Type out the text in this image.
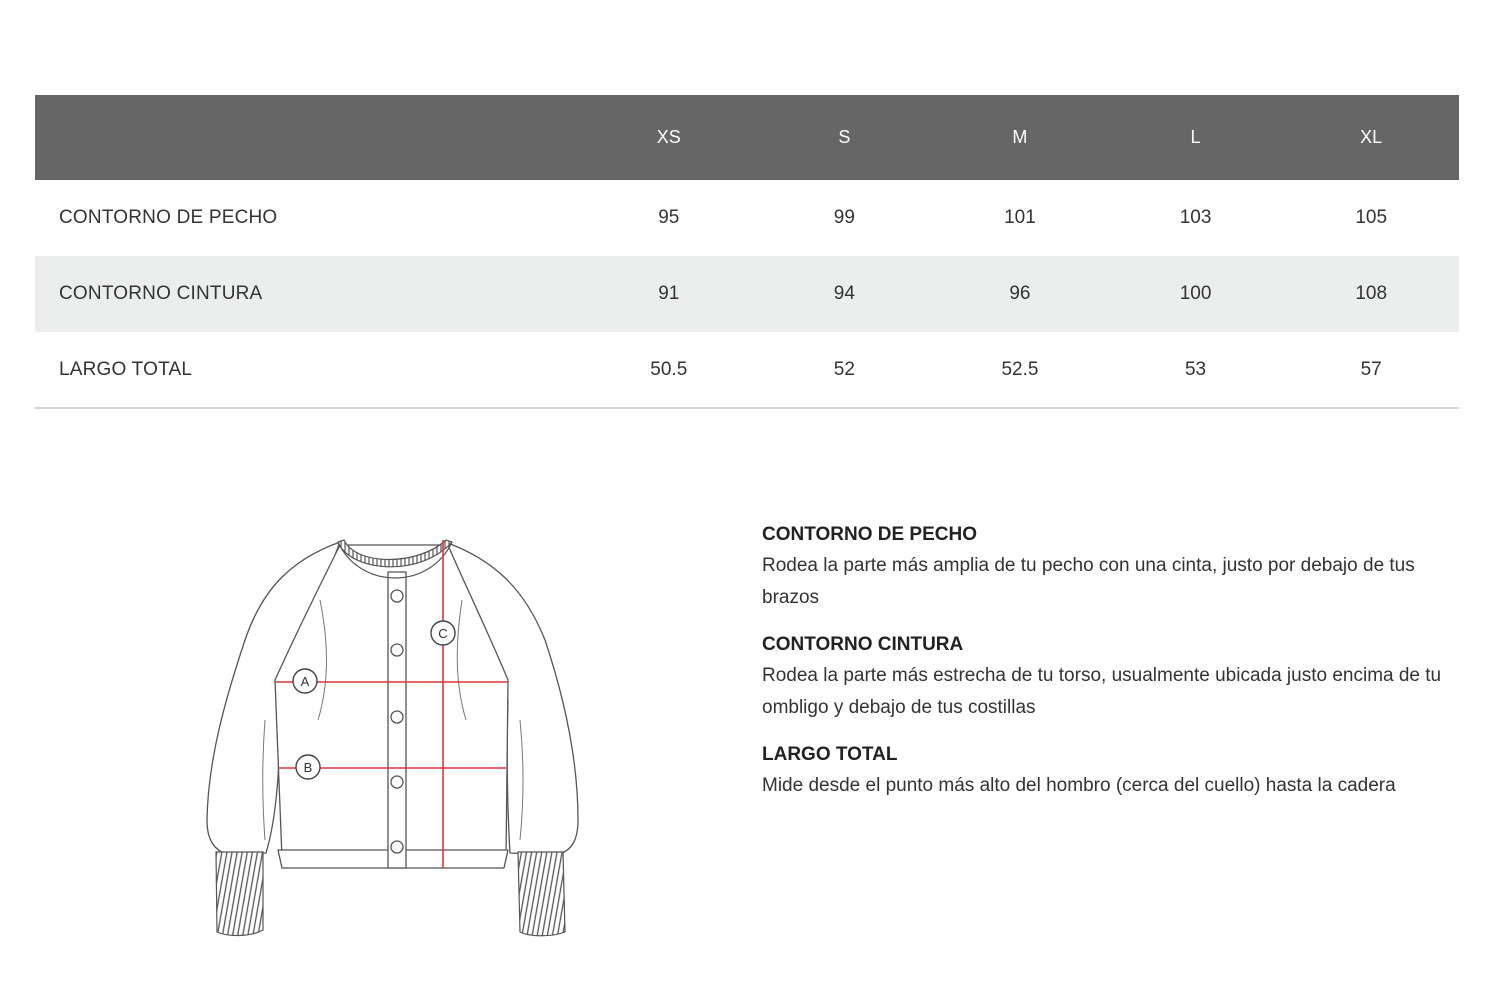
	XS	S	M	L	XL
CONTORNO DE PECHO	95	99	101	103	105
CONTORNO CINTURA	91	94	96	100	108
LARGO TOTAL	50.5	52	52.5	53	57
A
B
C
CONTORNO DE PECHO
Rodea la parte más amplia de tu pecho con una cinta, justo por debajo de tus brazos
CONTORNO CINTURA
Rodea la parte más estrecha de tu torso, usualmente ubicada justo encima de tu ombligo y debajo de tus costillas
LARGO TOTAL
Mide desde el punto más alto del hombro (cerca del cuello) hasta la cadera
